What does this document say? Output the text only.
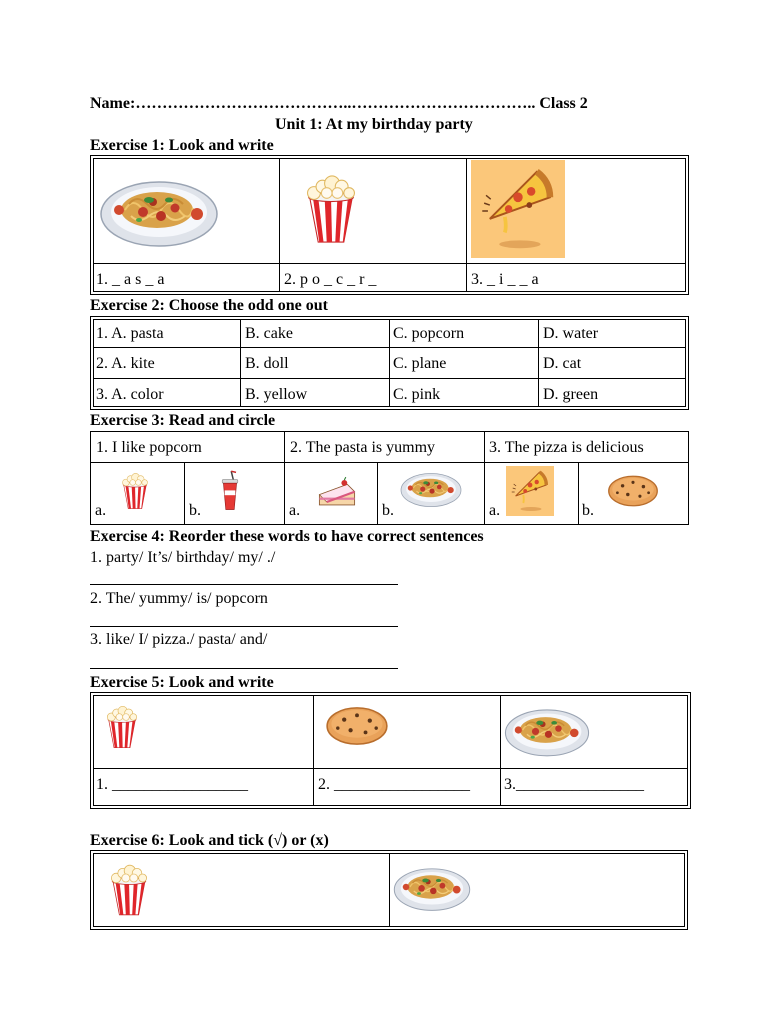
Name:…………………………………..…………………………….. Class 2
Unit 1: At my birthday party
Exercise 1: Look and write
1. _ a s _ a	2. p o _ c _ r _	3. _ i _ _ a
Exercise 2: Choose the odd one out
1. A. pasta	B. cake	C. popcorn	D. water
2. A. kite	B. doll	C. plane	D. cat
3. A. color	B. yellow	C. pink	D. green
Exercise 3: Read and circle
1. I like popcorn	2. The pasta is yummy	3. The pizza is delicious
a.	b.	a.	b.	a.	b.
Exercise 4: Reorder these words to have correct sentences
1. party/ It’s/ birthday/ my/ ./
2. The/ yummy/ is/ popcorn
3. like/ I/ pizza./ pasta/ and/
Exercise 5: Look and write
1. _________________	2. _________________ 3.________________
Exercise 6: Look and tick (√) or (x)
